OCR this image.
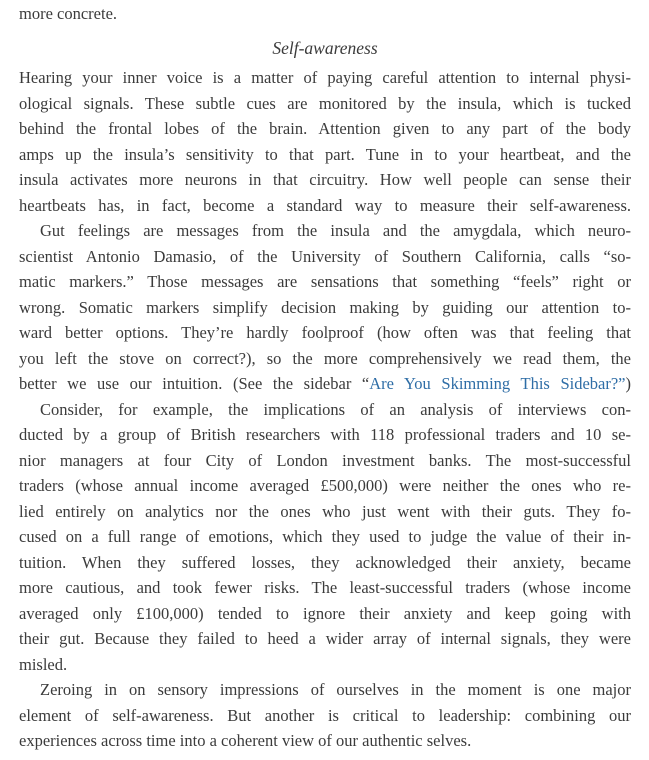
more concrete.

Self-awareness
Hearing your inner voice is a matter of paying careful attention to internal physi-
ological signals. These subtle cues are monitored by the insula, which is tucked
behind the frontal lobes of the brain. Attention given to any part of the body
amps up the insula’s sensitivity to that part. Tune in to your heartbeat, and the
insula activates more neurons in that circuitry. How well people can sense their
heartbeats has, in fact, become a standard way to measure their self-awareness.
Gut feelings are messages from the insula and the amygdala, which neuro-
scientist Antonio Damasio, of the University of Southern California, calls “so-
matic markers.” Those messages are sensations that something “feels” right or
wrong. Somatic markers simplify decision making by guiding our attention to-
ward better options. They’re hardly foolproof (how often was that feeling that
you left the stove on correct?), so the more comprehensively we read them, the
better we use our intuition. (See the sidebar “Are You Skimming This Sidebar?”)
Consider, for example, the implications of an analysis of interviews con-
ducted by a group of British researchers with 118 professional traders and 10 se-
nior managers at four City of London investment banks. The most-successful
traders (whose annual income averaged £500,000) were neither the ones who re-
lied entirely on analytics nor the ones who just went with their guts. They fo-
cused on a full range of emotions, which they used to judge the value of their in-
tuition. When they suffered losses, they acknowledged their anxiety, became
more cautious, and took fewer risks. The least-successful traders (whose income
averaged only £100,000) tended to ignore their anxiety and keep going with
their gut. Because they failed to heed a wider array of internal signals, they were
misled.
Zeroing in on sensory impressions of ourselves in the moment is one major
element of self-awareness. But another is critical to leadership: combining our
experiences across time into a coherent view of our authentic selves.
